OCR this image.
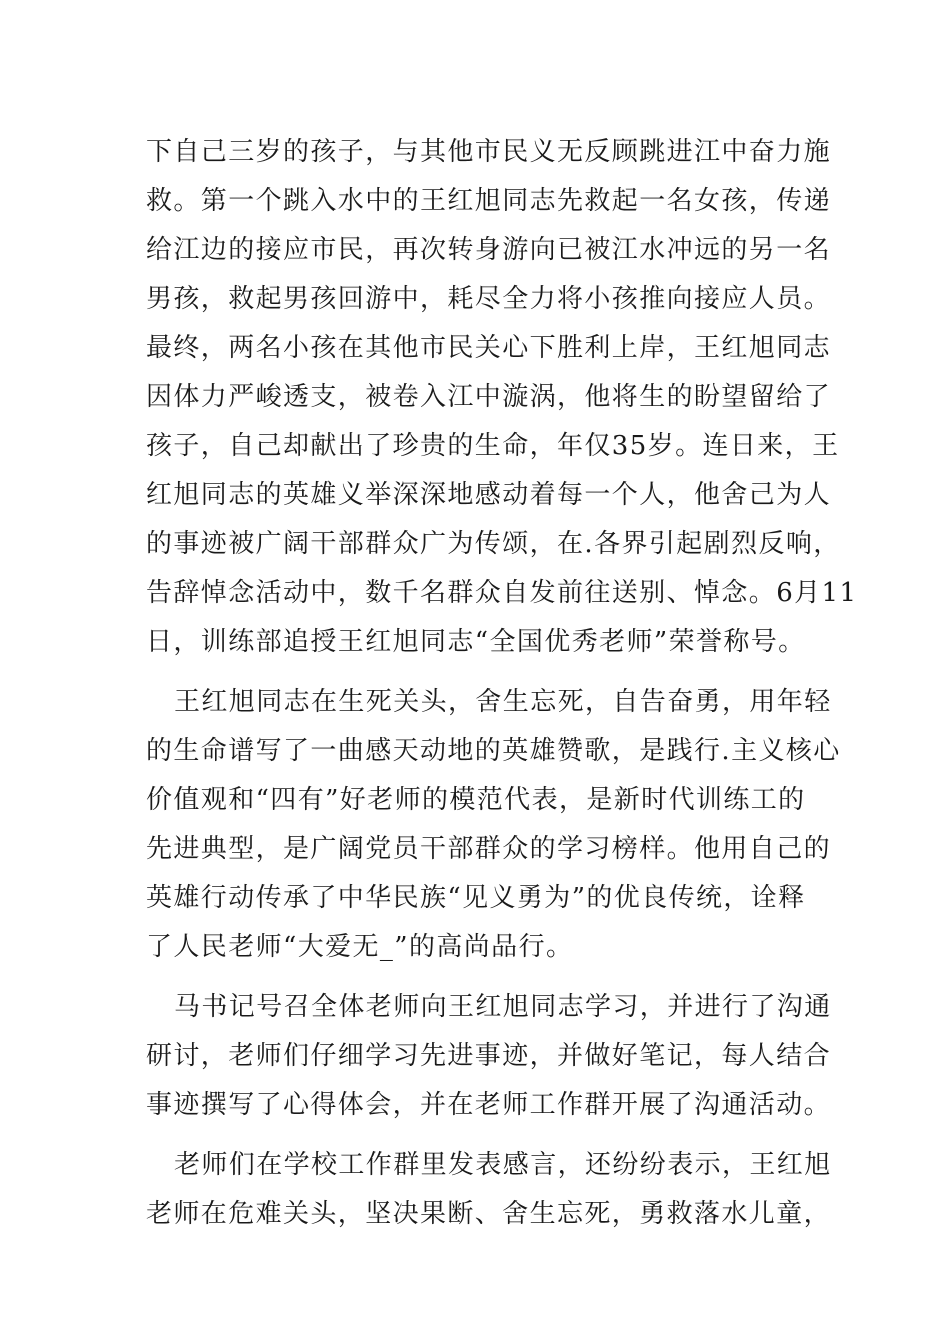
下自己三岁的孩子，与其他市民义无反顾跳进江中奋力施
救。第一个跳入水中的王红旭同志先救起一名女孩，传递
给江边的接应市民，再次转身游向已被江水冲远的另一名
男孩，救起男孩回游中，耗尽全力将小孩推向接应人员。
最终，两名小孩在其他市民关心下胜利上岸，王红旭同志
因体力严峻透支，被卷入江中漩涡，他将生的盼望留给了
孩子，自己却献出了珍贵的生命，年仅35岁。连日来，王
红旭同志的英雄义举深深地感动着每一个人，他舍己为人
的事迹被广阔干部群众广为传颂，在.各界引起剧烈反响，
告辞悼念活动中，数千名群众自发前往送别、悼念。6月11
日，训练部追授王红旭同志“全国优秀老师”荣誉称号。
王红旭同志在生死关头，舍生忘死，自告奋勇，用年轻
的生命谱写了一曲感天动地的英雄赞歌，是践行.主义核心
价值观和“四有”好老师的模范代表，是新时代训练工的
先进典型，是广阔党员干部群众的学习榜样。他用自己的
英雄行动传承了中华民族“见义勇为”的优良传统，诠释
了人民老师“大爱无_”的高尚品行。
马书记号召全体老师向王红旭同志学习，并进行了沟通
研讨，老师们仔细学习先进事迹，并做好笔记，每人结合
事迹撰写了心得体会，并在老师工作群开展了沟通活动。
老师们在学校工作群里发表感言，还纷纷表示，王红旭
老师在危难关头，坚决果断、舍生忘死，勇救落水儿童，
